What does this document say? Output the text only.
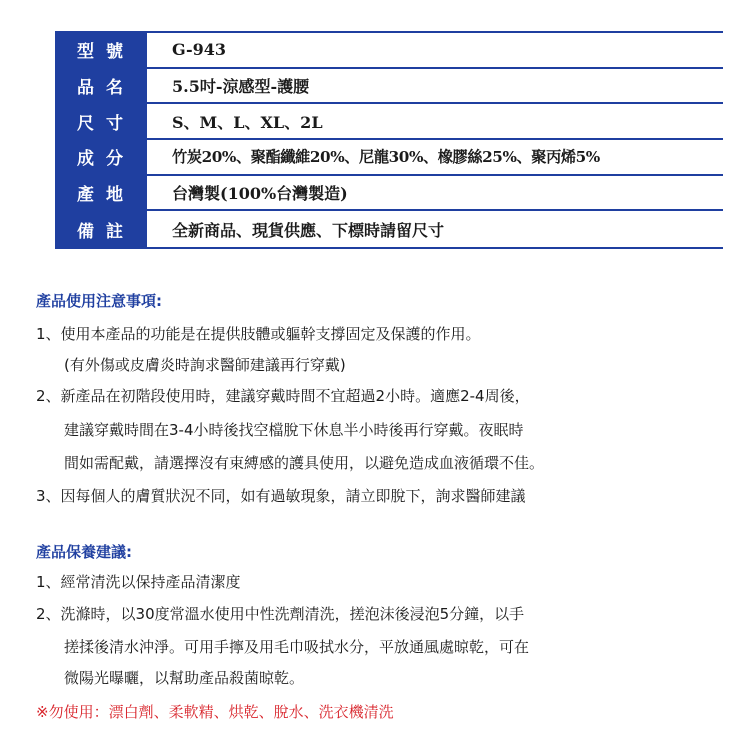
型號	G-943
品名	5.5吋-涼感型-護腰
尺寸	S、M、L、XL、2L
成分	竹炭20%、聚酯纖維20%、尼龍30%、橡膠絲25%、聚丙烯5%
產地	台灣製(100%台灣製造)
備註	全新商品、現貨供應、下標時請留尺寸
產品使用注意事項:
1、使用本產品的功能是在提供肢體或軀幹支撐固定及保護的作用。
(有外傷或皮膚炎時詢求醫師建議再行穿戴)
2、新產品在初階段使用時，建議穿戴時間不宜超過2小時。適應2-4周後，
建議穿戴時間在3-4小時後找空檔脫下休息半小時後再行穿戴。夜眠時
間如需配戴，請選擇沒有束縛感的護具使用，以避免造成血液循環不佳。
3、因每個人的膚質狀況不同，如有過敏現象，請立即脫下，詢求醫師建議
產品保養建議:
1、經常清洗以保持產品清潔度
2、洗滌時，以30度常溫水使用中性洗劑清洗，搓泡沫後浸泡5分鐘，以手
搓揉後清水沖淨。可用手擰及用毛巾吸拭水分，平放通風處晾乾，可在
微陽光曝曬，以幫助產品殺菌晾乾。
※勿使用：漂白劑、柔軟精、烘乾、脫水、洗衣機清洗
